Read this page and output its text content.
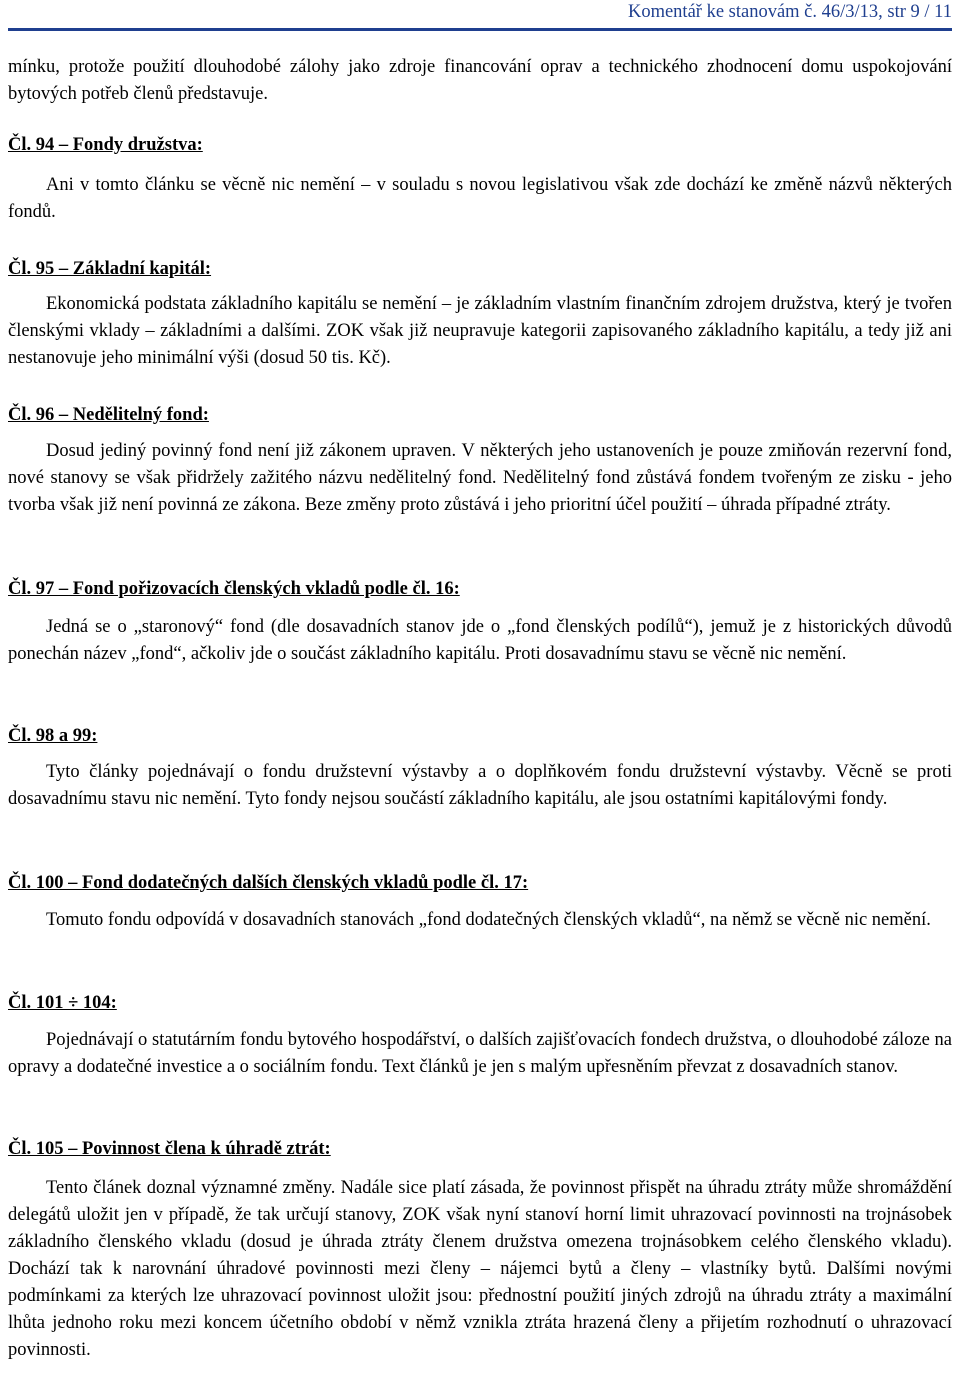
Komentář ke stanovám č. 46/3/13, str 9 / 11

mínku, protože použití dlouhodobé zálohy jako zdroje financování oprav a technického zhodnocení domu uspokojování bytových potřeb členů představuje.

Čl. 94 – Fondy družstva:

Ani v tomto článku se věcně nic nemění – v souladu s novou legislativou však zde dochází ke změně názvů některých fondů.

Čl. 95 – Základní kapitál:

Ekonomická podstata základního kapitálu se nemění – je základním vlastním finančním zdrojem družstva, který je tvořen členskými vklady – základními a dalšími. ZOK však již neupravuje kategorii zapisovaného základního kapitálu, a tedy již ani nestanovuje jeho minimální výši (dosud 50 tis. Kč).

Čl. 96 – Nedělitelný fond:

Dosud jediný povinný fond není již zákonem upraven. V některých jeho ustanoveních je pouze zmiňován rezervní fond, nové stanovy se však přidržely zažitého názvu nedělitelný fond. Nedělitelný fond zůstává fondem tvořeným ze zisku - jeho tvorba však již není povinná ze zákona. Beze změny proto zůstává i jeho prioritní účel použití – úhrada případné ztráty.

Čl. 97 – Fond pořizovacích členských vkladů podle čl. 16:

Jedná se o „staronový“ fond (dle dosavadních stanov jde o „fond členských podílů“), jemuž je z historických důvodů ponechán název „fond“, ačkoliv jde o součást základního kapitálu. Proti dosavadnímu stavu se věcně nic nemění.

Čl. 98 a 99:

Tyto články pojednávají o fondu družstevní výstavby a o doplňkovém fondu družstevní výstavby. Věcně se proti dosavadnímu stavu nic nemění. Tyto fondy nejsou součástí základního kapitálu, ale jsou ostatními kapitálovými fondy.

Čl. 100 – Fond dodatečných dalších členských vkladů podle čl. 17:

Tomuto fondu odpovídá v dosavadních stanovách „fond dodatečných členských vkladů“, na němž se věcně nic nemění.

Čl. 101 ÷ 104:

Pojednávají o statutárním fondu bytového hospodářství, o dalších zajišťovacích fondech družstva, o dlouhodobé záloze na opravy a dodatečné investice a o sociálním fondu. Text článků je jen s malým upřesněním převzat z dosavadních stanov.

Čl. 105 – Povinnost člena k úhradě ztrát:

Tento článek doznal významné změny. Nadále sice platí zásada, že povinnost přispět na úhradu ztráty může shromáždění delegátů uložit jen v případě, že tak určují stanovy, ZOK však nyní stanoví horní limit uhrazovací povinnosti na trojnásobek základního členského vkladu (dosud je úhrada ztráty členem družstva omezena trojnásobkem celého členského vkladu). Dochází tak k narovnání úhradové povinnosti mezi členy – nájemci bytů a členy – vlastníky bytů. Dalšími novými podmínkami za kterých lze uhrazovací povinnost uložit jsou: přednostní použití jiných zdrojů na úhradu ztráty a maximální lhůta jednoho roku mezi koncem účetního období v němž vznikla ztráta hrazená členy a přijetím rozhodnutí o uhrazovací povinnosti.
